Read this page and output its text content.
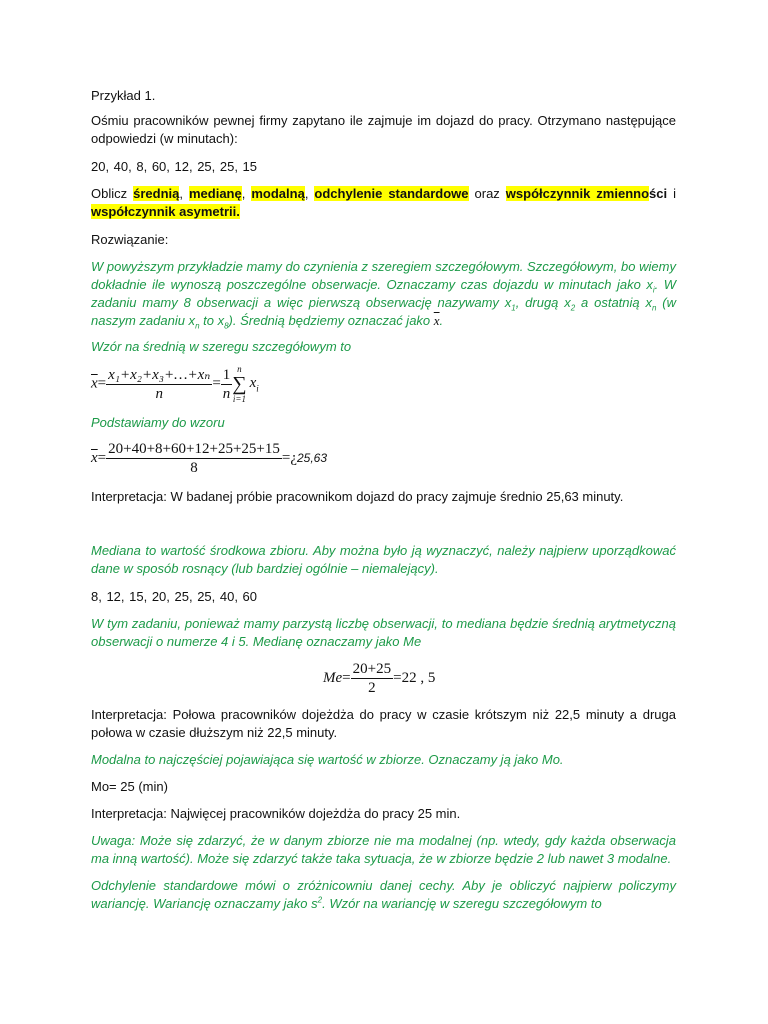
Przykład 1.

Ośmiu pracowników pewnej firmy zapytano ile zajmuje im dojazd do pracy. Otrzymano następujące odpowiedzi (w minutach):

20, 40, 8, 60, 12, 25, 25, 15

Oblicz średnią, medianę, modalną, odchylenie standardowe oraz współczynnik zmienności i współczynnik asymetrii.

Rozwiązanie:

W powyższym przykładzie mamy do czynienia z szeregiem szczegółowym. Szczegółowym, bo wiemy dokładnie ile wynoszą poszczególne obserwacje. Oznaczamy czas dojazdu w minutach jako $x_i$. W zadaniu mamy 8 obserwacji a więc pierwszą obserwację nazywamy $x_1$, drugą $x_2$ a ostatnią $x_n$ (w naszym zadaniu $x_n$ to $x_8$). Średnią będziemy oznaczać jako $\overline{x}$.

Wzór na średnią w szeregu szczegółowym to

$\overline{x}= \frac{\text{x₁+x₂+x₃+…+xₙ}}{n} = \frac{1}{n}$ n
∑
i=1
$x_i$

Podstawiamy do wzoru

$\overline{x}= \frac{20+40+8+60+12+25+25+15}{8}$ =¿25,63

Interpretacja: W badanej próbie pracownikom dojazd do pracy zajmuje średnio 25,63 minuty.

Mediana to wartość środkowa zbioru. Aby można było ją wyznaczyć, należy najpierw uporządkować dane w sposób rosnący (lub bardziej ogólnie – niemalejący).

8, 12, 15, 20, 25, 25, 40, 60

W tym zadaniu, ponieważ mamy parzystą liczbę obserwacji, to mediana będzie średnią arytmetyczną obserwacji o numerze 4 i 5. Medianę oznaczamy jako Me

$Me= \frac{20+25}{2} =22$ , 5

Interpretacja: Połowa pracowników dojeżdża do pracy w czasie krótszym niż 22,5 minuty a druga połowa w czasie dłuższym niż 22,5 minuty.

Modalna to najczęściej pojawiająca się wartość w zbiorze. Oznaczamy ją jako Mo.

Mo= 25 (min)

Interpretacja: Najwięcej pracowników dojeżdża do pracy 25 min.

Uwaga: Może się zdarzyć, że w danym zbiorze nie ma modalnej (np. wtedy, gdy każda obserwacja ma inną wartość). Może się zdarzyć także taka sytuacja, że w zbiorze będzie 2 lub nawet 3 modalne.

Odchylenie standardowe mówi o zróżnicowniu danej cechy. Aby je obliczyć najpierw policzymy wariancję. Wariancję oznaczamy jako $s^2$. Wzór na wariancję w szeregu szczegółowym to
